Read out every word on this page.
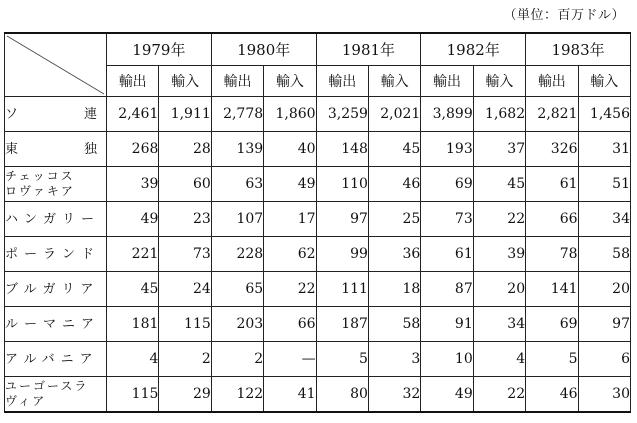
（単位：百万ドル）
	1979年		1980年		1981年		1982年		1983年	
	輸出	輸入	輸出	輸入	輸出	輸入	輸出	輸入	輸出	輸入

ソ 連	2,461	1,911	2,778	1,860	3,259	2,021	3,899	1,682	2,821	1,456

東 独	268	28	139	40	148	45	193	37	326	31

チェッコス
ロヴァキア	39	60	63	49	110	46	69	45	61	51
ハンガリー	49	23	107	17	97	25	73	22	66	34
ポーランド	221	73	228	62	99	36	61	39	78	58
ブルガリア	45	24	65	22	111	18	87	20	141	20
ルーマニア	181	115	203	66	187	58	91	34	69	97
アルバニア	4	2	2	—	5	3	10	4	5	6

ユーゴースラ
ヴィア	115	29	122	41	80	32	49	22	46	30
